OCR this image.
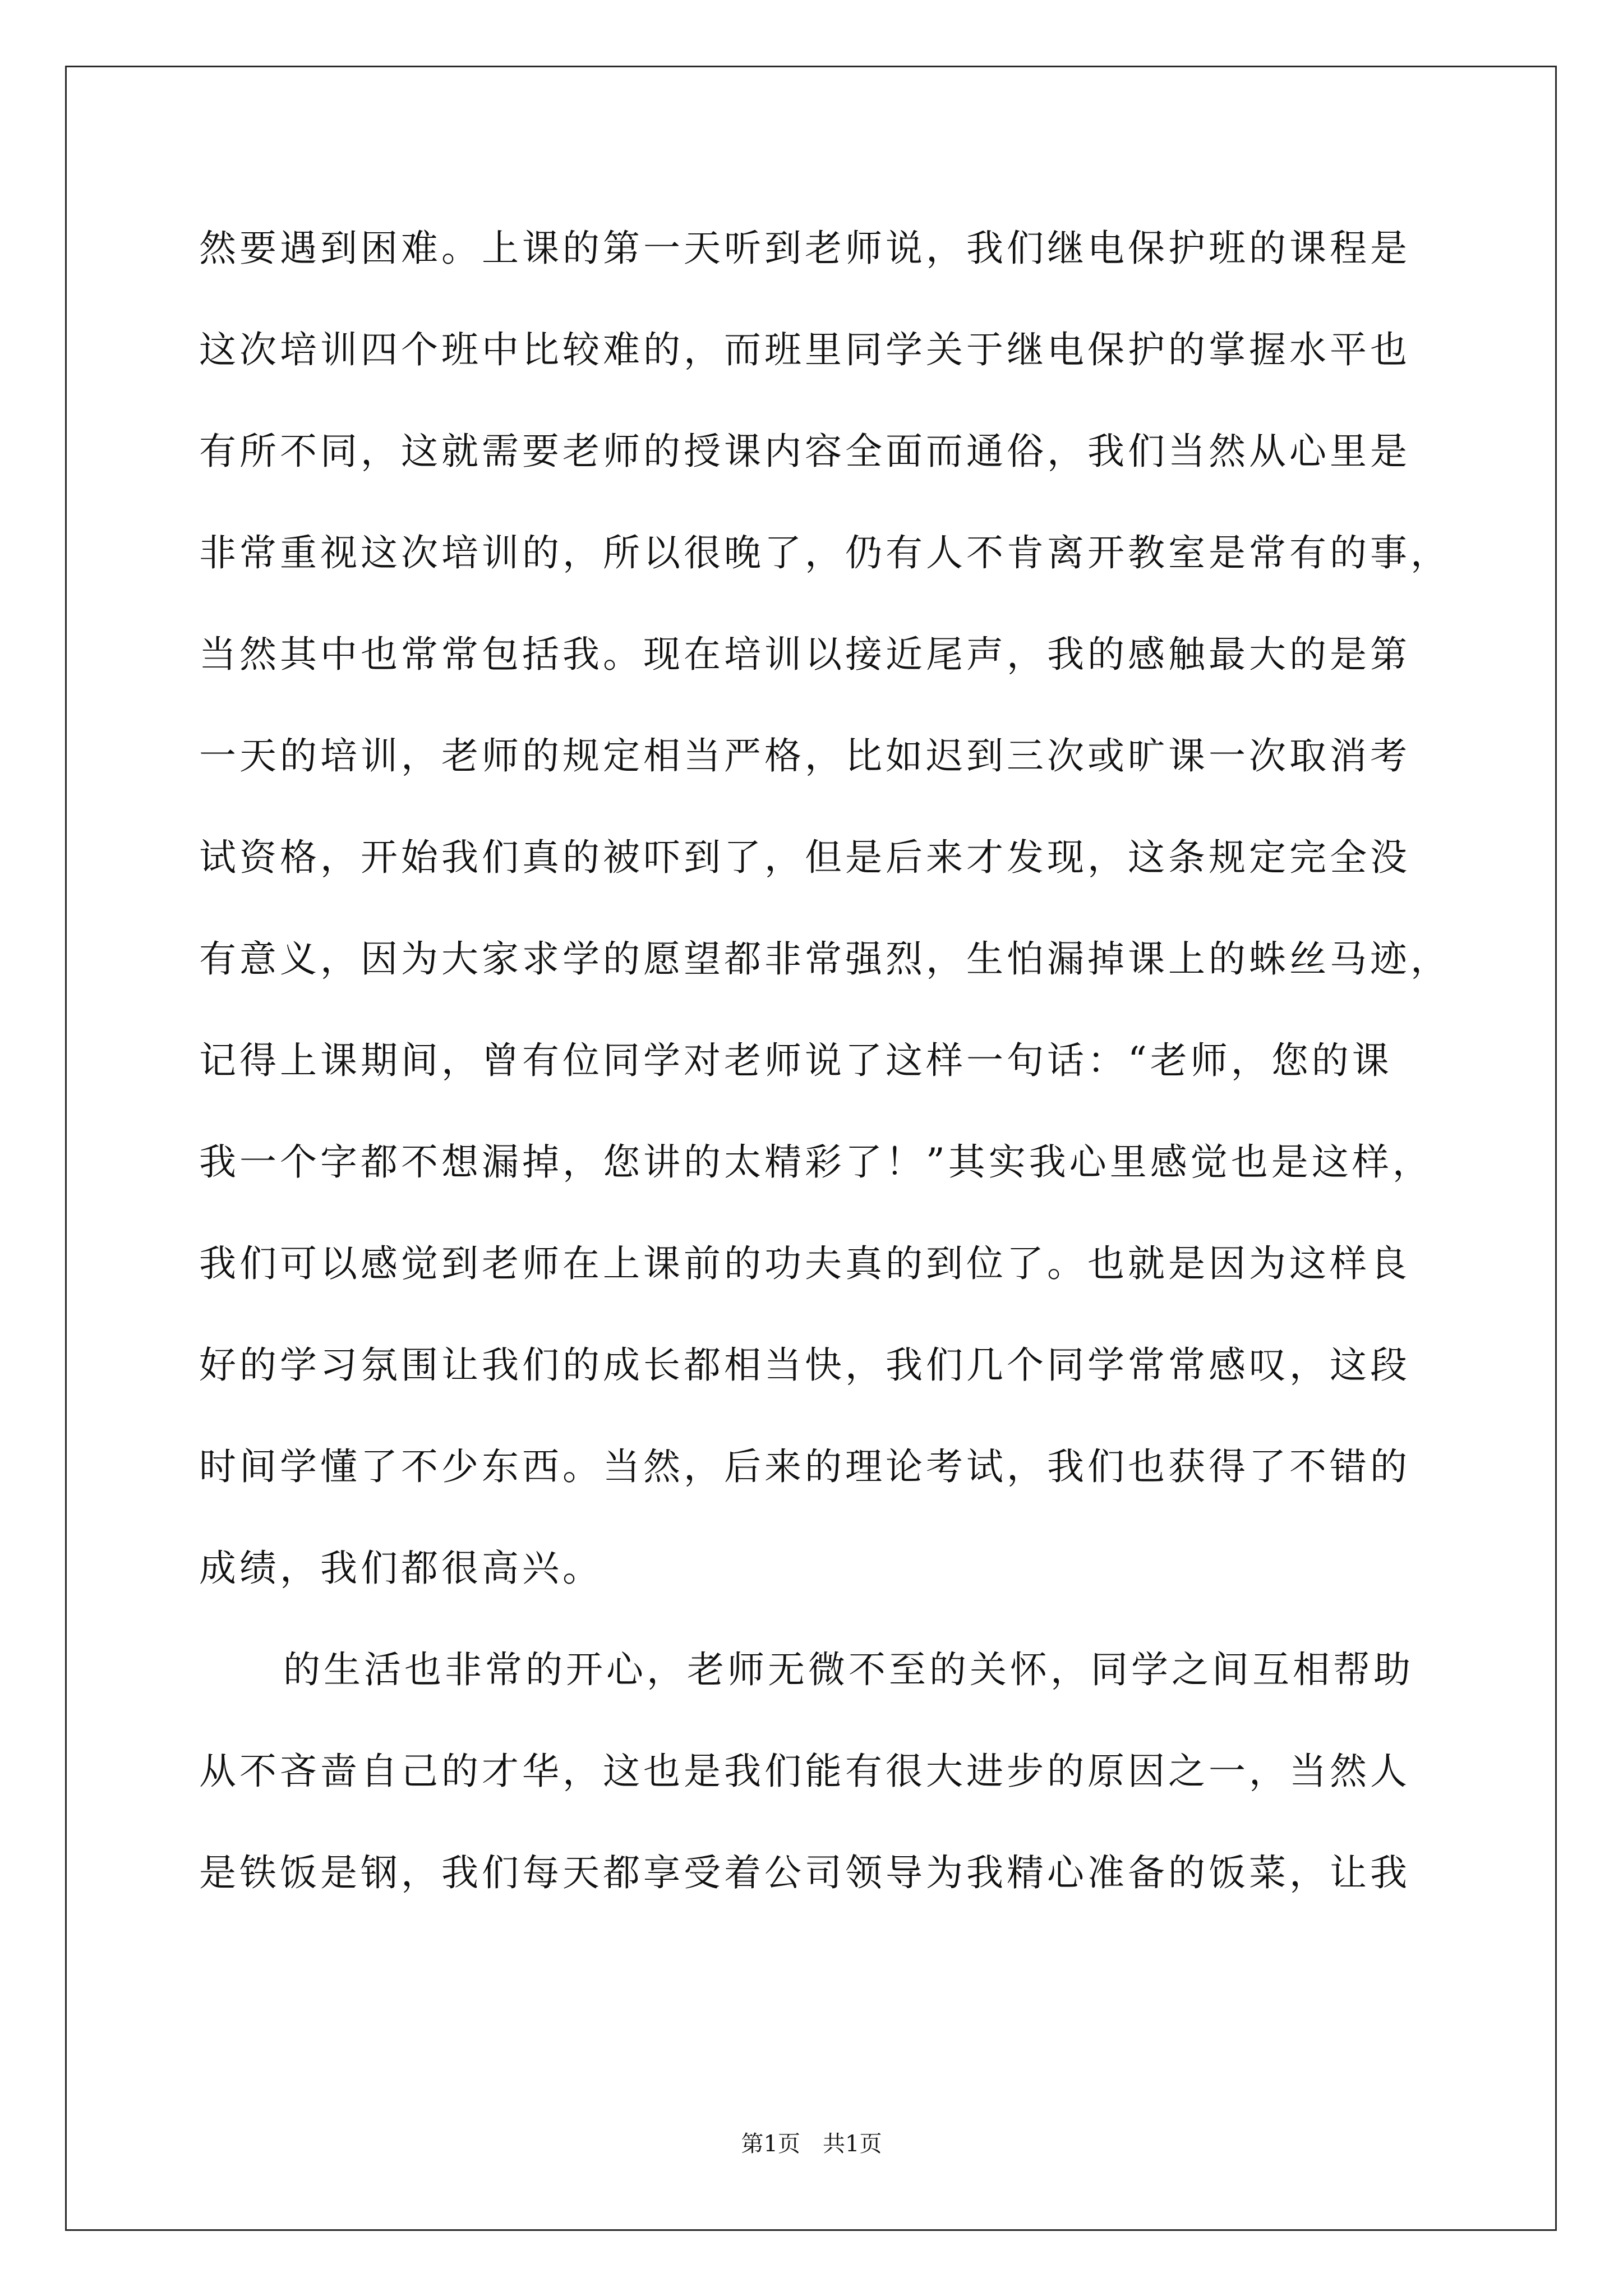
然要遇到困难。上课的第一天听到老师说，我们继电保护班的课程是
这次培训四个班中比较难的，而班里同学关于继电保护的掌握水平也
有所不同，这就需要老师的授课内容全面而通俗，我们当然从心里是
非常重视这次培训的，所以很晚了，仍有人不肯离开教室是常有的事，
当然其中也常常包括我。现在培训以接近尾声，我的感触最大的是第
一天的培训，老师的规定相当严格，比如迟到三次或旷课一次取消考
试资格，开始我们真的被吓到了，但是后来才发现，这条规定完全没
有意义，因为大家求学的愿望都非常强烈，生怕漏掉课上的蛛丝马迹，
记得上课期间，曾有位同学对老师说了这样一句话：“老师，您的课
我一个字都不想漏掉，您讲的太精彩了！”其实我心里感觉也是这样，
我们可以感觉到老师在上课前的功夫真的到位了。也就是因为这样良
好的学习氛围让我们的成长都相当快，我们几个同学常常感叹，这段
时间学懂了不少东西。当然，后来的理论考试，我们也获得了不错的
成绩，我们都很高兴。
的生活也非常的开心，老师无微不至的关怀，同学之间互相帮助
从不吝啬自己的才华，这也是我们能有很大进步的原因之一，当然人
是铁饭是钢，我们每天都享受着公司领导为我精心准备的饭菜，让我
第1页　共1页
